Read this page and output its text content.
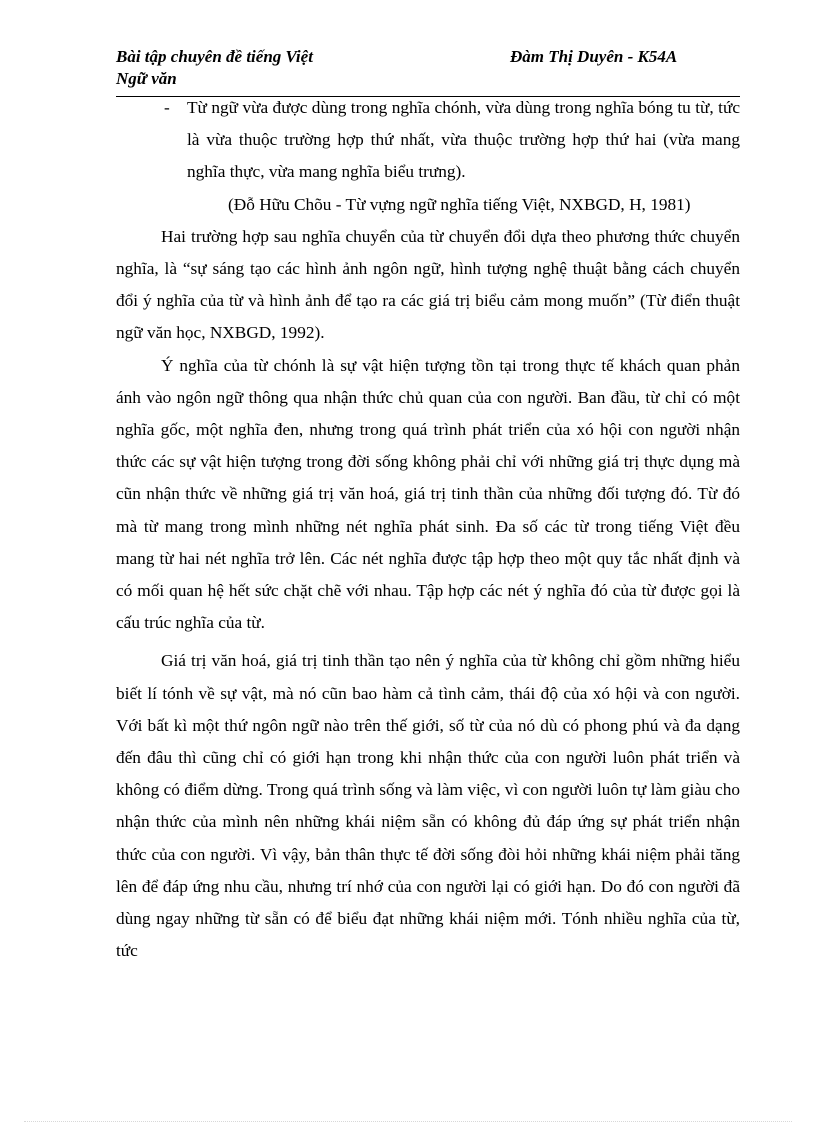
Bài tập chuyên đề tiếng Việt
Ngữ văn
Đàm Thị Duyên - K54A

- Từ ngữ vừa được dùng trong nghĩa chónh, vừa dùng trong nghĩa bóng tu từ, tức là vừa thuộc trường hợp thứ nhất, vừa thuộc trường hợp thứ hai (vừa mang nghĩa thực, vừa mang nghĩa biểu trưng).

(Đỗ Hữu Chõu - Từ vựng ngữ nghĩa tiếng Việt, NXBGD, H, 1981)

Hai trường hợp sau nghĩa chuyển của từ chuyển đổi dựa theo phương thức chuyển nghĩa, là “sự sáng tạo các hình ảnh ngôn ngữ, hình tượng nghệ thuật bằng cách chuyển đổi ý nghĩa của từ và hình ảnh để tạo ra các giá trị biểu cảm mong muốn” (Từ điển thuật ngữ văn học, NXBGD, 1992).

Ý nghĩa của từ chónh là sự vật hiện tượng tồn tại trong thực tế khách quan phản ánh vào ngôn ngữ thông qua nhận thức chủ quan của con người. Ban đầu, từ chỉ có một nghĩa gốc, một nghĩa đen, nhưng trong quá trình phát triển của xó hội con người nhận thức các sự vật hiện tượng trong đời sống không phải chỉ với những giá trị thực dụng mà cũn nhận thức về những giá trị văn hoá, giá trị tinh thần của những đối tượng đó. Từ đó mà từ mang trong mình những nét nghĩa phát sinh. Đa số các từ trong tiếng Việt đều mang từ hai nét nghĩa trở lên. Các nét nghĩa được tập hợp theo một quy tắc nhất định và có mối quan hệ hết sức chặt chẽ với nhau. Tập hợp các nét ý nghĩa đó của từ được gọi là cấu trúc nghĩa của từ.

Giá trị văn hoá, giá trị tinh thần tạo nên ý nghĩa của từ không chỉ gồm những hiểu biết lí tónh về sự vật, mà nó cũn bao hàm cả tình cảm, thái độ của xó hội và con người. Với bất kì một thứ ngôn ngữ nào trên thế giới, số từ của nó dù có phong phú và đa dạng đến đâu thì cũng chỉ có giới hạn trong khi nhận thức của con người luôn phát triển và không có điểm dừng. Trong quá trình sống và làm việc, vì con người luôn tự làm giàu cho nhận thức của mình nên những khái niệm sẵn có không đủ đáp ứng sự phát triển nhận thức của con người. Vì vậy, bản thân thực tế đời sống đòi hỏi những khái niệm phải tăng lên để đáp ứng nhu cầu, nhưng trí nhớ của con người lại có giới hạn. Do đó con người đã dùng ngay những từ sẵn có để biểu đạt những khái niệm mới. Tónh nhiều nghĩa của từ, tức
